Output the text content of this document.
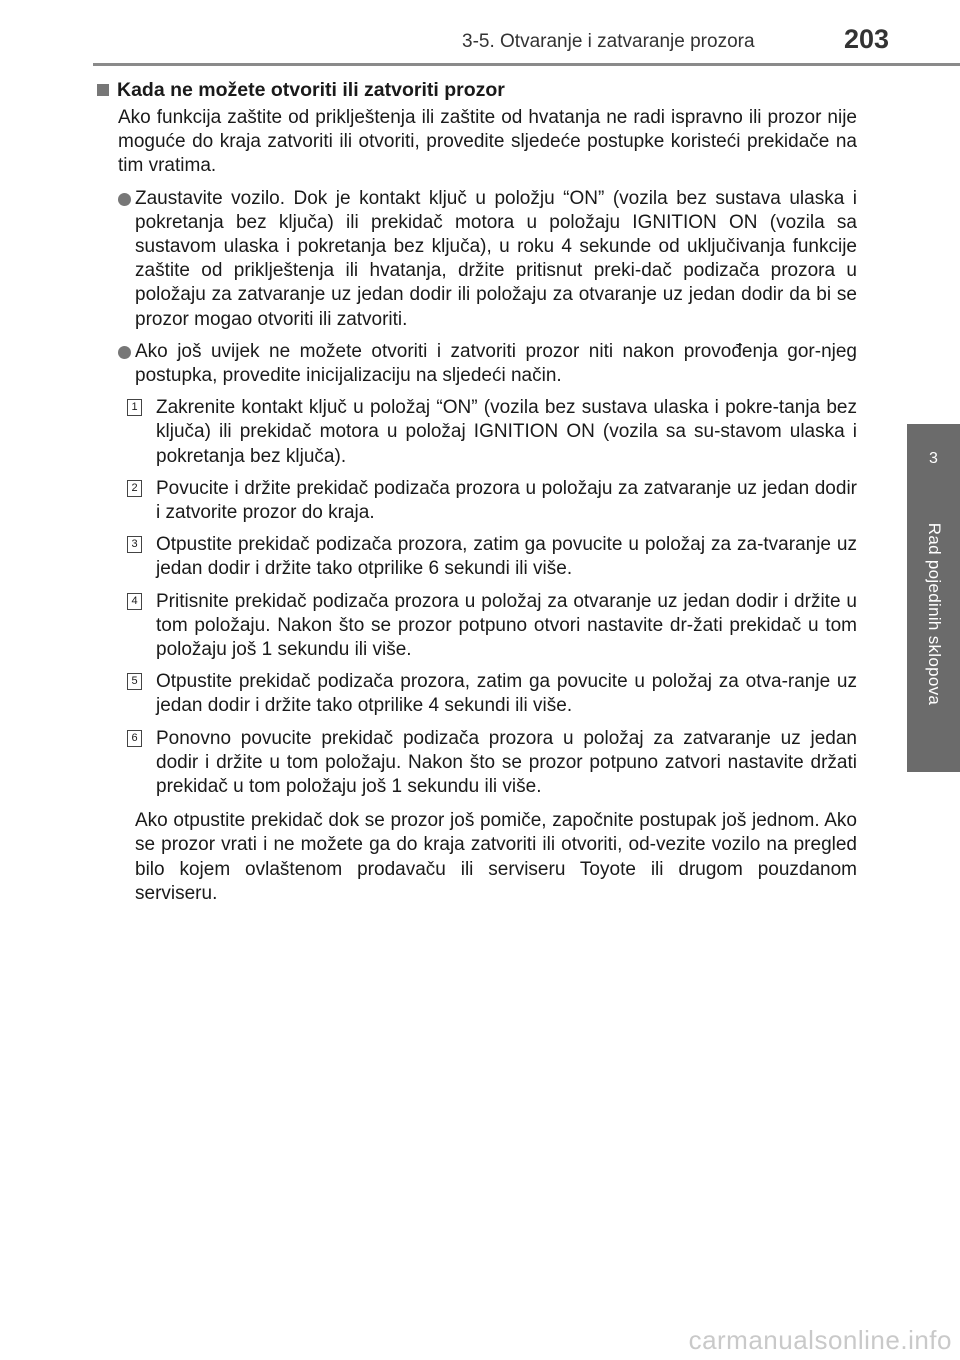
3-5. Otvaranje i zatvaranje prozora	203
3
Rad pojedinih sklopova
Kada ne možete otvoriti ili zatvoriti prozor

Ako funkcija zaštite od priklještenja ili zaštite od hvatanja ne radi ispravno ili prozor nije moguće do kraja zatvoriti ili otvoriti, provedite sljedeće postupke koristeći prekidače na tim vratima.

Zaustavite vozilo. Dok je kontakt ključ u položju “ON” (vozila bez sustava ulaska i pokretanja bez ključa) ili prekidač motora u položaju IGNITION ON (vozila sa sustavom ulaska i pokretanja bez ključa), u roku 4 sekunde od uključivanja funkcije zaštite od priklještenja ili hvatanja, držite pritisnut preki-dač podizača prozora u položaju za zatvaranje uz jedan dodir ili položaju za otvaranje uz jedan dodir da bi se prozor mogao otvoriti ili zatvoriti.
Ako još uvijek ne možete otvoriti i zatvoriti prozor niti nakon provođenja gor-njeg postupka, provedite inicijalizaciju na sljedeći način.
1 Zakrenite kontakt ključ u položaj “ON” (vozila bez sustava ulaska i pokre-tanja bez ključa) ili prekidač motora u položaj IGNITION ON (vozila sa su-stavom ulaska i pokretanja bez ključa).
2 Povucite i držite prekidač podizača prozora u položaju za zatvaranje uz jedan dodir i zatvorite prozor do kraja.
3 Otpustite prekidač podizača prozora, zatim ga povucite u položaj za za-tvaranje uz jedan dodir i držite tako otprilike 6 sekundi ili više.
4 Pritisnite prekidač podizača prozora u položaj za otvaranje uz jedan dodir i držite u tom položaju. Nakon što se prozor potpuno otvori nastavite dr-žati prekidač u tom položaju još 1 sekundu ili više.
5 Otpustite prekidač podizača prozora, zatim ga povucite u položaj za otva-ranje uz jedan dodir i držite tako otprilike 4 sekundi ili više.
6 Ponovno povucite prekidač podizača prozora u položaj za zatvaranje uz jedan dodir i držite u tom položaju. Nakon što se prozor potpuno zatvori nastavite držati prekidač u tom položaju još 1 sekundu ili više.

Ako otpustite prekidač dok se prozor još pomiče, započnite postupak još jednom. Ako se prozor vrati i ne možete ga do kraja zatvoriti ili otvoriti, od-vezite vozilo na pregled bilo kojem ovlaštenom prodavaču ili serviseru Toyote ili drugom pouzdanom serviseru.

carmanualsonline.info
